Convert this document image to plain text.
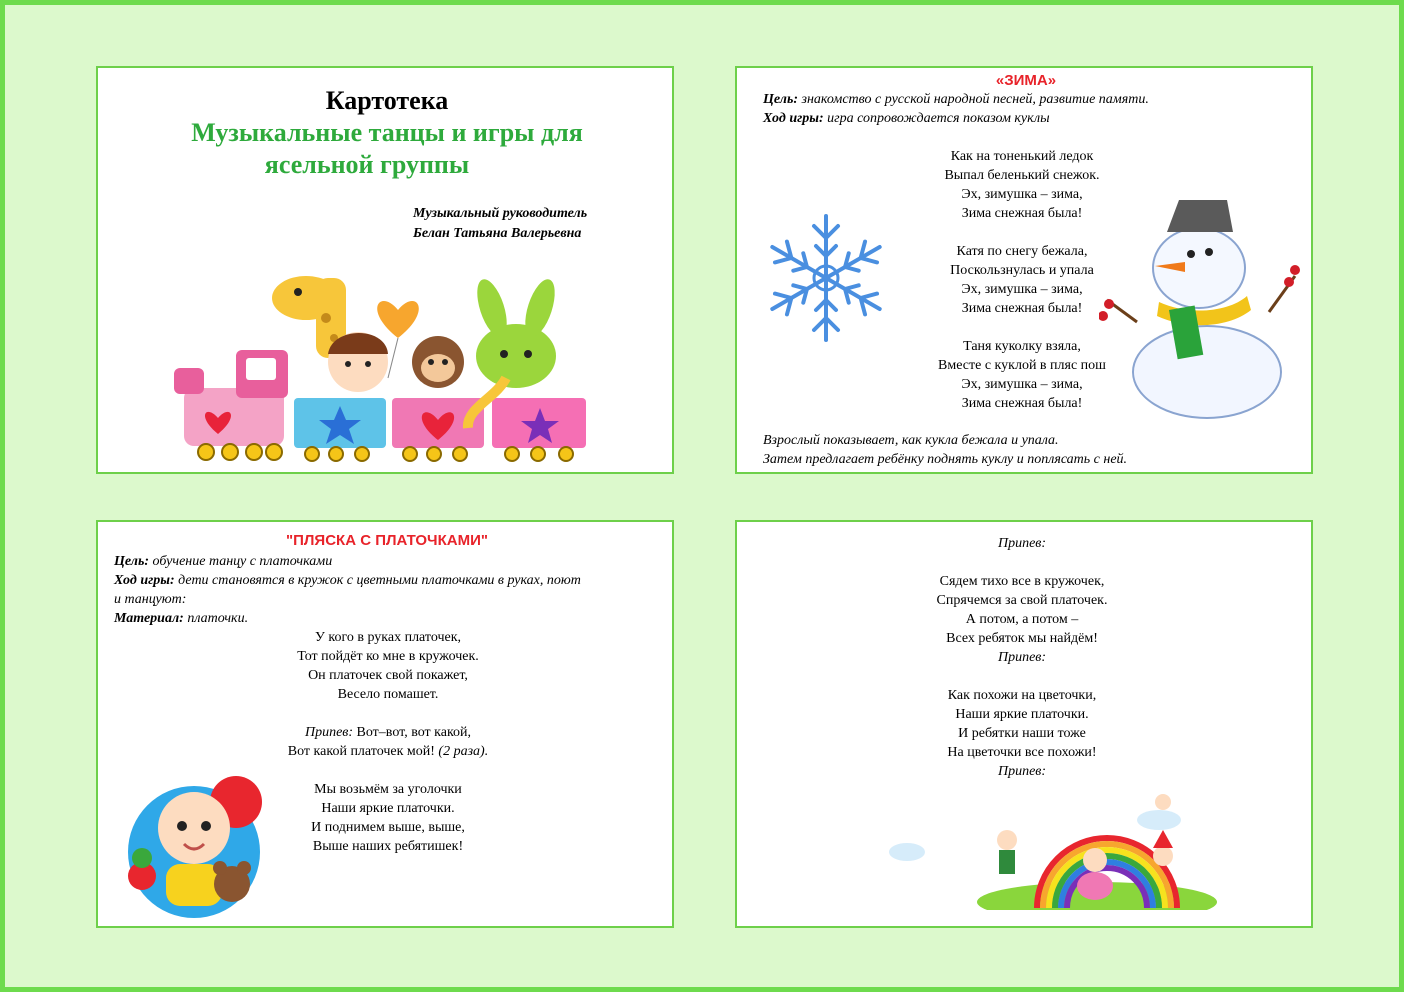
Картотека
Музыкальные танцы и игры для
ясельной группы
Музыкальный руководитель
Белан Татьяна Валерьевна
«ЗИМА»
Цель: знакомство с русской народной песней, развитие памяти.
Ход игры: игра сопровождается показом куклы
Как на тоненький ледок
Выпал беленький снежок.
Эх, зимушка – зима,
Зима снежная была!
Катя по снегу бежала,
Поскользнулась и упала
Эх, зимушка – зима,
Зима снежная была!
Таня куколку взяла,
Вместе с куклой в пляс пош
Эх, зимушка – зима,
Зима снежная была!
Взрослый показывает, как кукла бежала и упала.
Затем предлагает ребёнку поднять куклу и поплясать с ней.
"ПЛЯСКА С ПЛАТОЧКАМИ"
Цель: обучение танцу с платочками
Ход игры: дети становятся в кружок с цветными платочками в руках, поют
и танцуют:
Материал: платочки.
У кого в руках платочек,
Тот пойдёт ко мне в кружочек.
Он платочек свой покажет,
Весело помашет.
Припев: Вот–вот, вот какой,
Вот какой платочек мой! (2 раза).
Мы возьмём за уголочки
Наши яркие платочки.
И поднимем выше, выше,
Выше наших ребятишек!
Припев:
Сядем тихо все в кружочек,
Спрячемся за свой платочек.
А потом, а потом –
Всех ребяток мы найдём!
Припев:
Как похожи на цветочки,
Наши яркие платочки.
И ребятки наши тоже
На цветочки все похожи!
Припев:
